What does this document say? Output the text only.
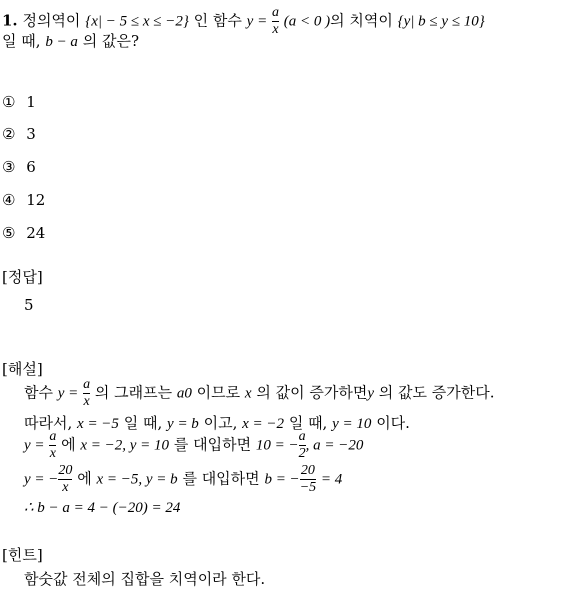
1. 정의역이 {x| − 5 ≤ x ≤ −2} 인 함수 $y = \frac{a}{x} (a < 0$ )의 치역이 {y| b ≤ y ≤ 10}
일 때, b − a 의 값은?
① 1
② 3
③ 6
④ 12
⑤ 24
[정답]
5
[해설]
함수 $y = \frac{a}{x}$ 의 그래프는 a0 이므로 x 의 값이 증가하면y 의 값도 증가한다.
따라서, x = −5 일 때, y = b 이고, x = −2 일 때, y = 10 이다.
$y = \frac{a}{x}$ 에 x = −2, y = 10 를 대입하면 10 = − $\frac{a}{2}$ , a = −20
y = − $\frac{20}{x}$ 에 x = −5, y = b 를 대입하면 b = − $\frac{20}{-5} = 4$
∴ b − a = 4 − (−20) = 24
[힌트]
함숫값 전체의 집합을 치역이라 한다.
